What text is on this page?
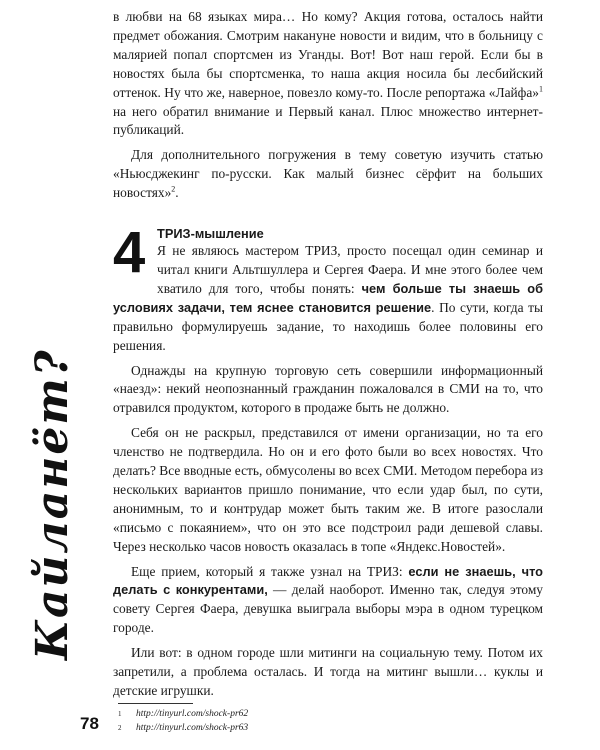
Кайланёт?

в любви на 68 языках мира… Но кому? Акция готова, осталось найти предмет обожания. Смотрим накануне новости и видим, что в больницу с малярией попал спортсмен из Уганды. Вот! Вот наш герой. Если бы в новостях была бы спортсменка, то наша акция носила бы лесбийский оттенок. Ну что же, наверное, повезло кому-то. После репортажа «Лайфа»$^1$ на него обратил внимание и Первый канал. Плюс множество интернет-публикаций.

Для дополнительного погружения в тему советую изучить статью «Ньюсджекинг по-русски. Как малый бизнес сёрфит на больших новостях»$^2$.

4 ТРИЗ-мышление

Я не являюсь мастером ТРИЗ, просто посещал один семинар и читал книги Альтшуллера и Сергея Фаера. И мне этого более чем хватило для того, чтобы понять: чем больше ты знаешь об условиях задачи, тем яснее становится решение. По сути, когда ты правильно формулируешь задание, то находишь более половины его решения.

Однажды на крупную торговую сеть совершили информационный «наезд»: некий неопознанный гражданин пожаловался в СМИ на то, что отравился продуктом, которого в продаже быть не должно.

Себя он не раскрыл, представился от имени организации, но та его членство не подтвердила. Но он и его фото были во всех новостях. Что делать? Все вводные есть, обмусолены во всех СМИ. Методом перебора из нескольких вариантов пришло понимание, что если удар был, по сути, анонимным, то и контрудар может быть таким же. В итоге разослали «письмо с покаянием», что он это все подстроил ради дешевой славы. Через несколько часов новость оказалась в топе «Яндекс.Новостей».

Еще прием, который я также узнал на ТРИЗ: если не знаешь, что делать с конкурентами, — делай наоборот. Именно так, следуя этому совету Сергея Фаера, девушка выиграла выборы мэра в одном турецком городе.

Или вот: в одном городе шли митинги на социальную тему. Потом их запретили, а проблема осталась. И тогда на митинг вышли… куклы и детские игрушки.

1 http://tinyurl.com/shock-pr62
2 http://tinyurl.com/shock-pr63
78
